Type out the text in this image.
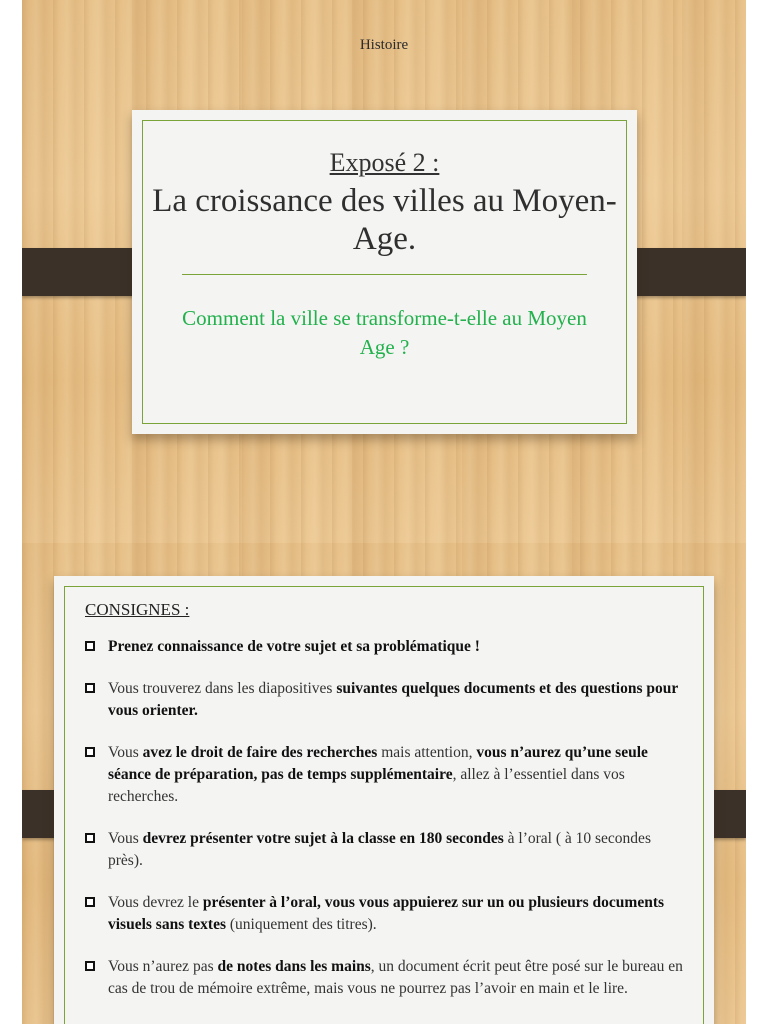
Histoire
Exposé 2 :
La croissance des villes au Moyen-Age.
Comment la ville se transforme-t-elle au Moyen Age ?
CONSIGNES :
Prenez connaissance de votre sujet et sa problématique !
Vous trouverez dans les diapositives suivantes quelques documents et des questions pour vous orienter.
Vous avez le droit de faire des recherches mais attention, vous n’aurez qu’une seule séance de préparation, pas de temps supplémentaire, allez à l’essentiel dans vos recherches.
Vous devrez présenter votre sujet à la classe en 180 secondes à l’oral ( à 10 secondes près).
Vous devrez le présenter à l’oral, vous vous appuierez sur un ou plusieurs documents visuels sans textes (uniquement des titres).
Vous n’aurez pas de notes dans les mains, un document écrit peut être posé sur le bureau en cas de trou de mémoire extrême, mais vous ne pourrez pas l’avoir en main et le lire.
